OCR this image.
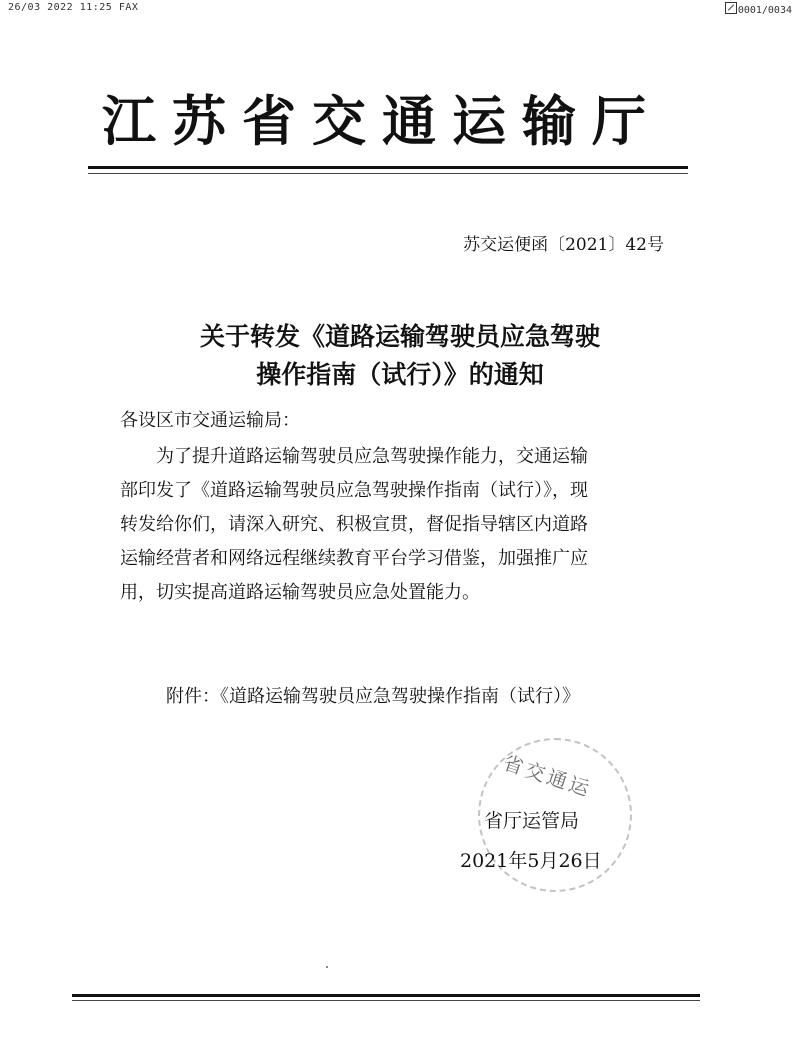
26/03 2022 11:25 FAX	0001/0034
江苏省交通运输厅
苏交运便函〔2021〕42号
关于转发《道路运输驾驶员应急驾驶
操作指南（试行）》的通知
各设区市交通运输局：
为了提升道路运输驾驶员应急驾驶操作能力，交通运输
部印发了《道路运输驾驶员应急驾驶操作指南（试行）》，现
转发给你们，请深入研究、积极宣贯，督促指导辖区内道路
运输经营者和网络远程继续教育平台学习借鉴，加强推广应
用，切实提高道路运输驾驶员应急处置能力。
附件：《道路运输驾驶员应急驾驶操作指南（试行）》
省交通运
省厅运管局
2021年5月26日
